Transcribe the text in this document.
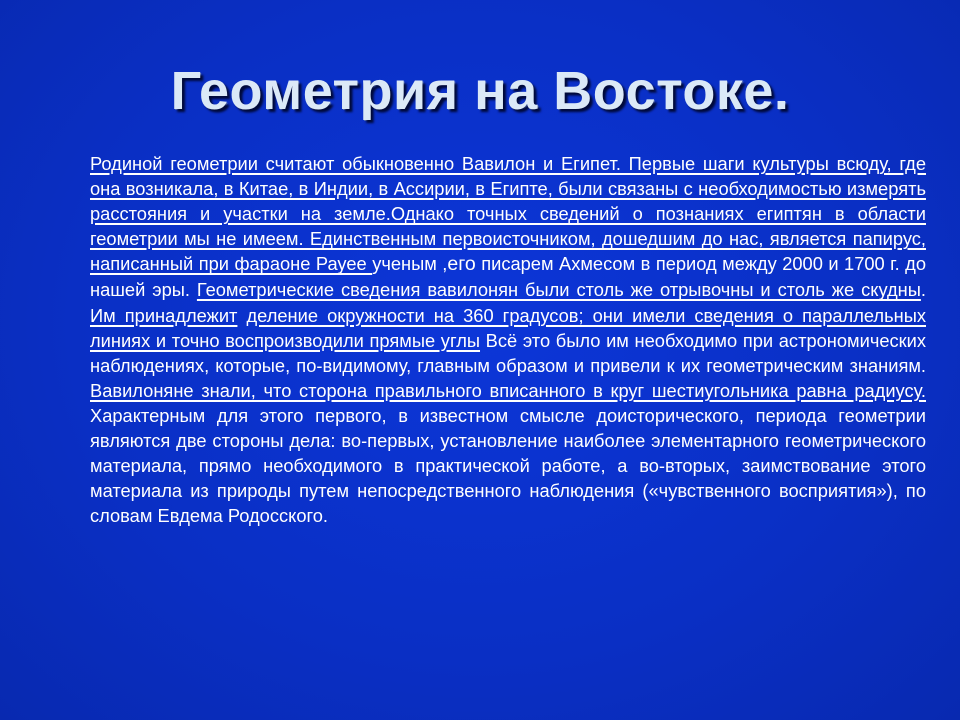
Геометрия на Востоке.
Родиной геометрии считают обыкновенно Вавилон и Египет. Первые шаги культуры всюду, где она возникала, в Китае, в Индии, в Ассирии, в Египте, были связаны с необходимостью измерять расстояния и участки на земле.Однако точных сведений о познаниях египтян в области геометрии мы не имеем. Единственным первоисточником, дошедшим до нас, является папирус, написанный при фараоне Рауее ученым ,его писарем Ахмесом в период между 2000 и 1700 г. до нашей эры. Геометрические сведения вавилонян были столь же отрывочны и столь же скудны. Им принадлежит деление окружности на 360 градусов; они имели сведения о параллельных линиях и точно воспроизводили прямые углы Всё это было им необходимо при астрономических наблюдениях, которые, по-видимому, главным образом и привели к их геометрическим знаниям. Вавилоняне знали, что сторона правильного вписанного в круг шестиугольника равна радиусу. Характерным для этого первого, в известном смысле доисторического, периода геометрии являются две стороны дела: во-первых, установление наиболее элементарного геометрического материала, прямо необходимого в практической работе, а во-вторых, заимствование этого материала из природы путем непосредственного наблюдения («чувственного восприятия»), по словам Евдема Родосского.
